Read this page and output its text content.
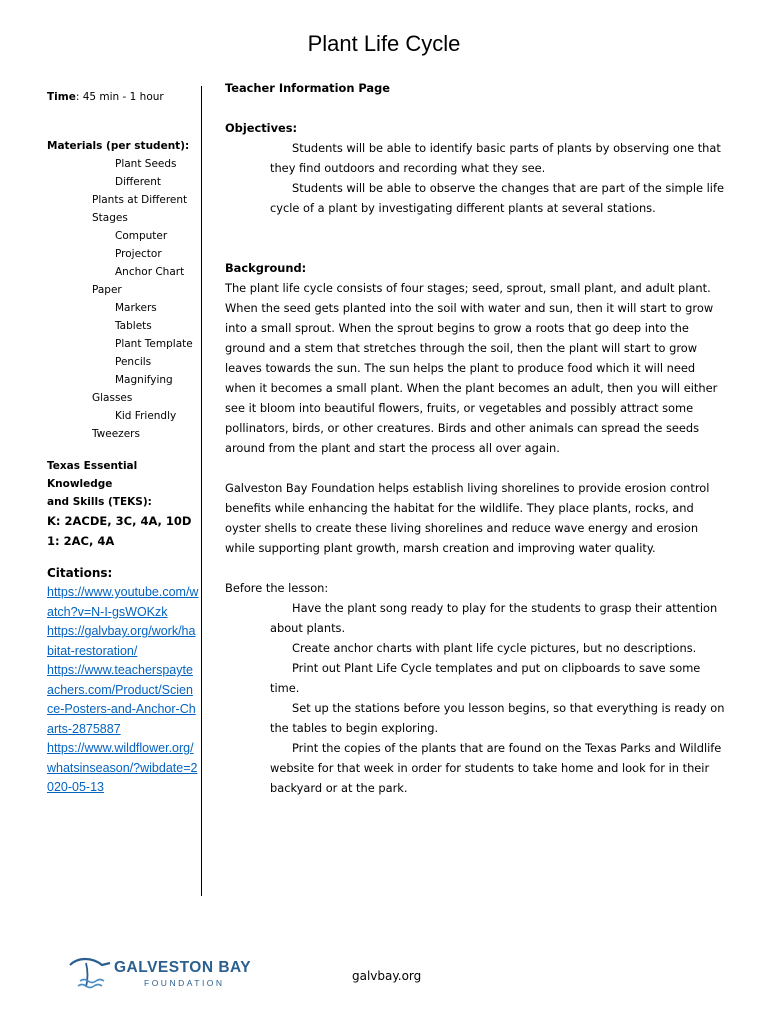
Plant Life Cycle

Time: 45 min - 1 hour

Materials (per student):
Plant Seeds
Different
Plants at Different
Stages
Computer
Projector
Anchor Chart
Paper
Markers
Tablets
Plant Template
Pencils
Magnifying
Glasses
Kid Friendly
Tweezers
Texas Essential Knowledge
and Skills (TEKS):
K: 2ACDE, 3C, 4A, 10D
1: 2AC, 4A
Citations:
https://www.youtube.com/watch?v=N-I-gsWOKzk
https://galvbay.org/work/habitat-restoration/
https://www.teacherspayteachers.com/Product/Science-Posters-and-Anchor-Charts-2875887
https://www.wildflower.org/whatsinseason/?wibdate=2020-05-13

Teacher Information Page

Objectives:

Students will be able to identify basic parts of plants by observing one that they find outdoors and recording what they see.

Students will be able to observe the changes that are part of the simple life cycle of a plant by investigating different plants at several stations.

Background:

The plant life cycle consists of four stages; seed, sprout, small plant, and adult plant. When the seed gets planted into the soil with water and sun, then it will start to grow into a small sprout. When the sprout begins to grow a roots that go deep into the ground and a stem that stretches through the soil, then the plant will start to grow leaves towards the sun. The sun helps the plant to produce food which it will need when it becomes a small plant. When the plant becomes an adult, then you will either see it bloom into beautiful flowers, fruits, or vegetables and possibly attract some pollinators, birds, or other creatures. Birds and other animals can spread the seeds around from the plant and start the process all over again.

Galveston Bay Foundation helps establish living shorelines to provide erosion control benefits while enhancing the habitat for the wildlife. They place plants, rocks, and oyster shells to create these living shorelines and reduce wave energy and erosion while supporting plant growth, marsh creation and improving water quality.

Before the lesson:

Have the plant song ready to play for the students to grasp their attention about plants.

Create anchor charts with plant life cycle pictures, but no descriptions.

Print out Plant Life Cycle templates and put on clipboards to save some time.

Set up the stations before you lesson begins, so that everything is ready on the tables to begin exploring.

Print the copies of the plants that are found on the Texas Parks and Wildlife website for that week in order for students to take home and look for in their backyard or at the park.

GALVESTON BAY
FOUNDATION	galvbay.org
